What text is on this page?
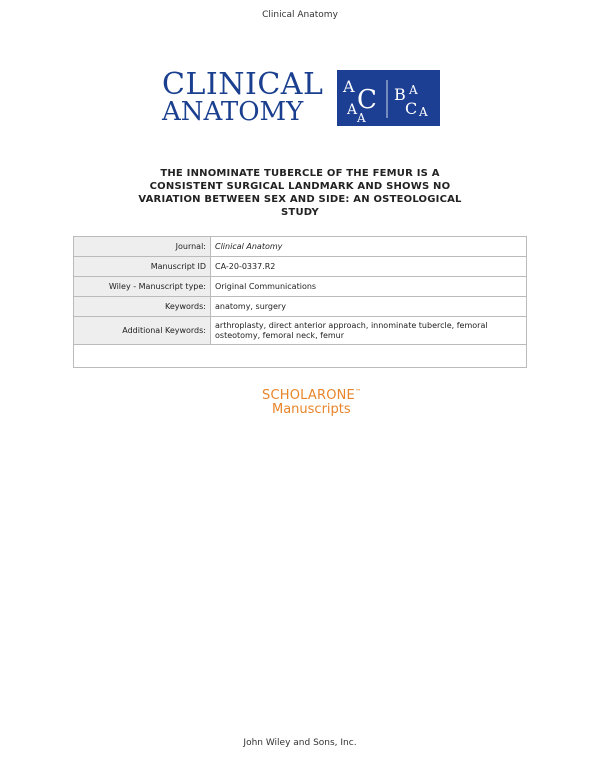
Clinical Anatomy
CLINICAL
ANATOMY
A C
A A
B A
C A
THE INNOMINATE TUBERCLE OF THE FEMUR IS A
CONSISTENT SURGICAL LANDMARK AND SHOWS NO
VARIATION BETWEEN SEX AND SIDE: AN OSTEOLOGICAL
STUDY
Journal:	Clinical Anatomy
Manuscript ID	CA-20-0337.R2
Wiley - Manuscript type:	Original Communications
Keywords:	anatomy, surgery
Additional Keywords:	arthroplasty, direct anterior approach, innominate tubercle, femoral osteotomy, femoral neck, femur

SCHOLARONE™
Manuscripts
John Wiley and Sons, Inc.
